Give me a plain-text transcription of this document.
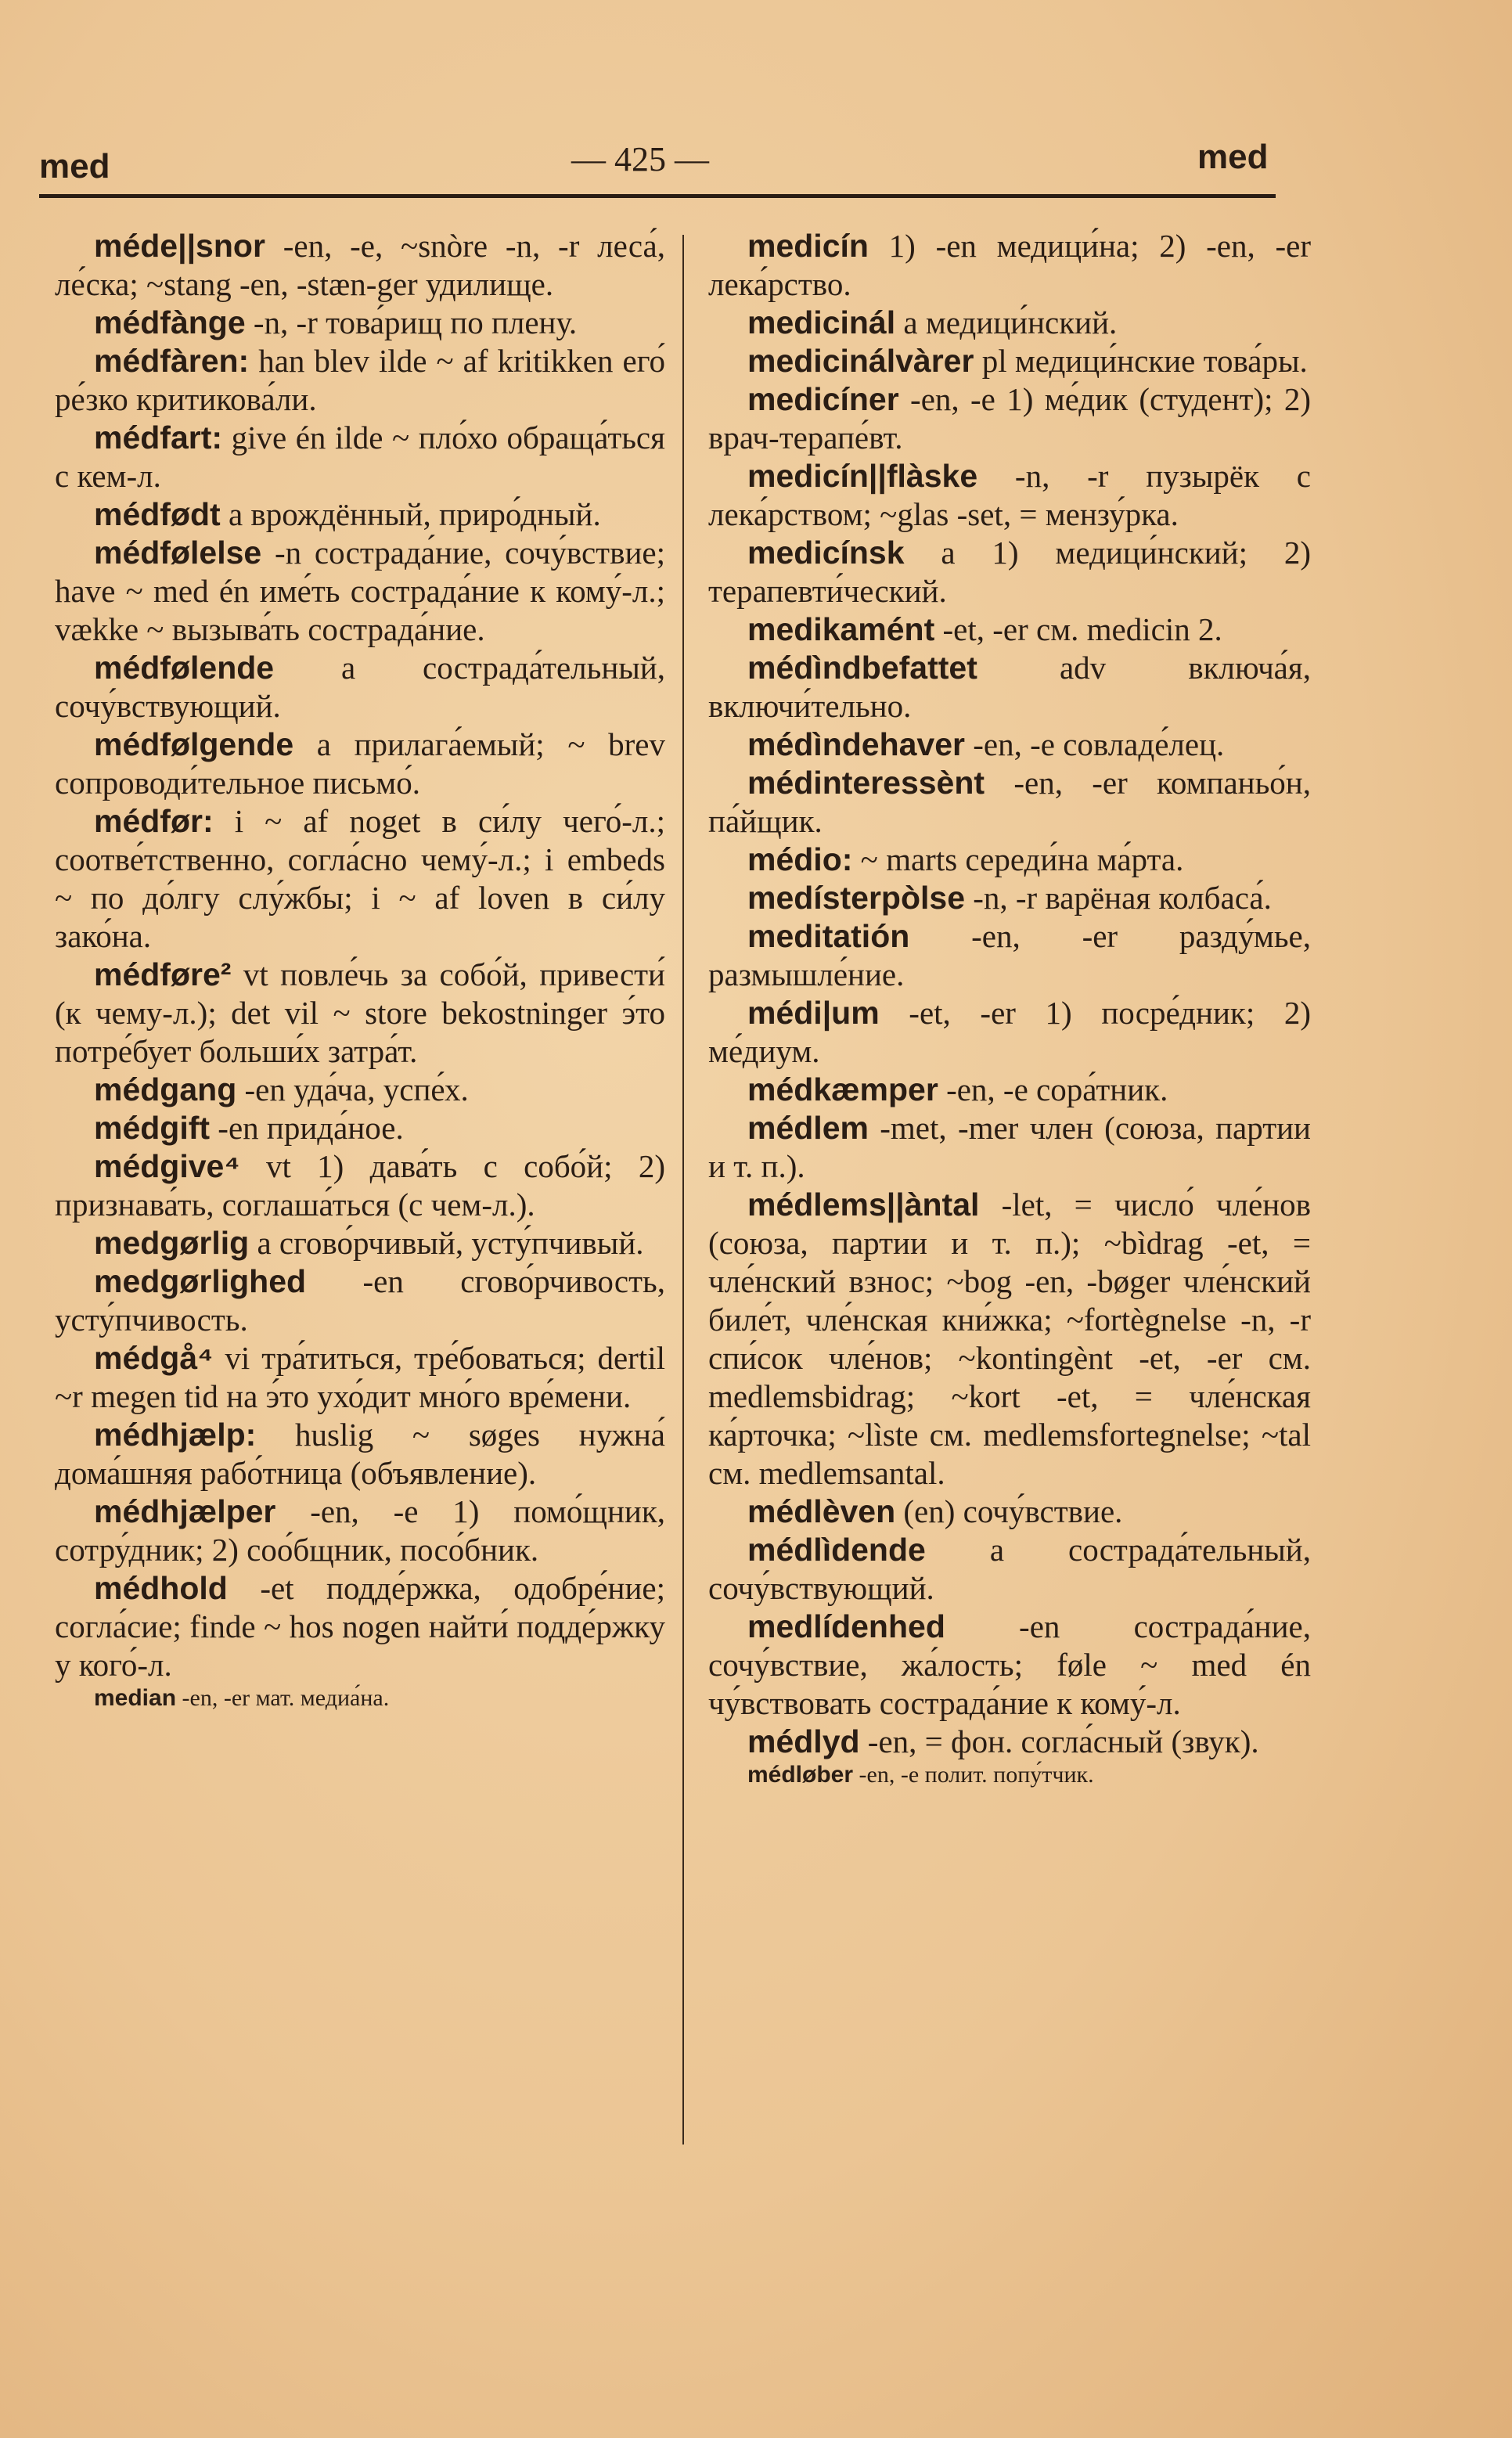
med	— 425 —	med

méde||snor -en, -e, ~snòre -n, -r леса́, ле́ска; ~stang -en, -stæn-ger удилище.

médfànge -n, -r това́рищ по плену.

médfàren: han blev ilde ~ af kritikken его́ ре́зко критикова́ли.

médfart: give én ilde ~ пло́хо обраща́ться с кем-л.

médfødt a врождённый, приро́дный.

médfølelse -n сострада́ние, сочу́вствие; have ~ med én име́ть сострада́ние к кому́-л.; vække ~ вызыва́ть сострада́ние.

médfølende a сострада́тельный, сочу́вствующий.

médfølgende a прилага́емый; ~ brev сопроводи́тельное письмо́.

médfør: i ~ af noget в си́лу чего́-л.; соотве́тственно, согла́сно чему́-л.; i embeds ~ по до́лгу слу́жбы; i ~ af loven в си́лу зако́на.

médføre² vt повле́чь за собо́й, привести́ (к чему-л.); det vil ~ store bekostninger э́то потре́бует больши́х затра́т.

médgang -en уда́ча, успе́х.

médgift -en прида́ное.

médgive⁴ vt 1) дава́ть с собо́й; 2) признава́ть, соглаша́ться (с чем-л.).

medgørlig a сгово́рчивый, усту́пчивый.

medgørlighed -en сгово́рчивость, усту́пчивость.

médgå⁴ vi тра́титься, тре́боваться; dertil ~r megen tid на э́то ухо́дит мно́го вре́мени.

médhjælp: huslig ~ søges нужна́ дома́шняя рабо́тница (объявление).

médhjælper -en, -e 1) помо́щник, сотру́дник; 2) соо́бщник, посо́бник.

médhold -et подде́ржка, одобре́ние; согла́сие; finde ~ hos nogen найти́ подде́ржку у кого́-л.

median -en, -er мат. медиа́на.

medicín 1) -en медици́на; 2) -en, -er лека́рство.

medicinál a медици́нский.

medicinálvàrer pl медици́нские това́ры.

medicíner -en, -e 1) ме́дик (студент); 2) врач-терапе́вт.

medicín||flàske -n, -r пузырёк с лека́рством; ~glas -set, = мензу́рка.

medicínsk a 1) медици́нский; 2) терапевти́ческий.

medikamént -et, -er см. medicin 2.

médìndbefattet adv включа́я, включи́тельно.

médìndehaver -en, -e совладе́лец.

médinteressènt -en, -er компаньо́н, па́йщик.

médio: ~ marts середи́на ма́рта.

medísterpòlse -n, -r варёная колбаса́.

meditatión -en, -er разду́мье, размышле́ние.

médi|um -et, -er 1) посре́дник; 2) ме́диум.

médkæmper -en, -e copа́тник.

médlem -met, -mer член (союза, партии и т. п.).

médlems||àntal -let, = число́ чле́нов (союза, партии и т. п.); ~bìdrag -et, = чле́нский взнос; ~bog -en, -bøger чле́нский биле́т, чле́нская кни́жка; ~fortègnelse -n, -r спи́сок чле́нов; ~kontingènt -et, -er см. medlemsbidrag; ~kort -et, = чле́нская ка́рточка; ~lìste см. medlemsfortegnelse; ~tal см. medlemsantal.

médlèven (en) сочу́вствие.

médlìdende a сострада́тельный, сочу́вствующий.

medlídenhed -en сострада́ние, сочу́вствие, жа́лость; føle ~ med én чу́вствовать сострада́ние к кому́-л.

médlyd -en, = фон. согла́сный (звук).

médløber -en, -e полит. попу́тчик.
